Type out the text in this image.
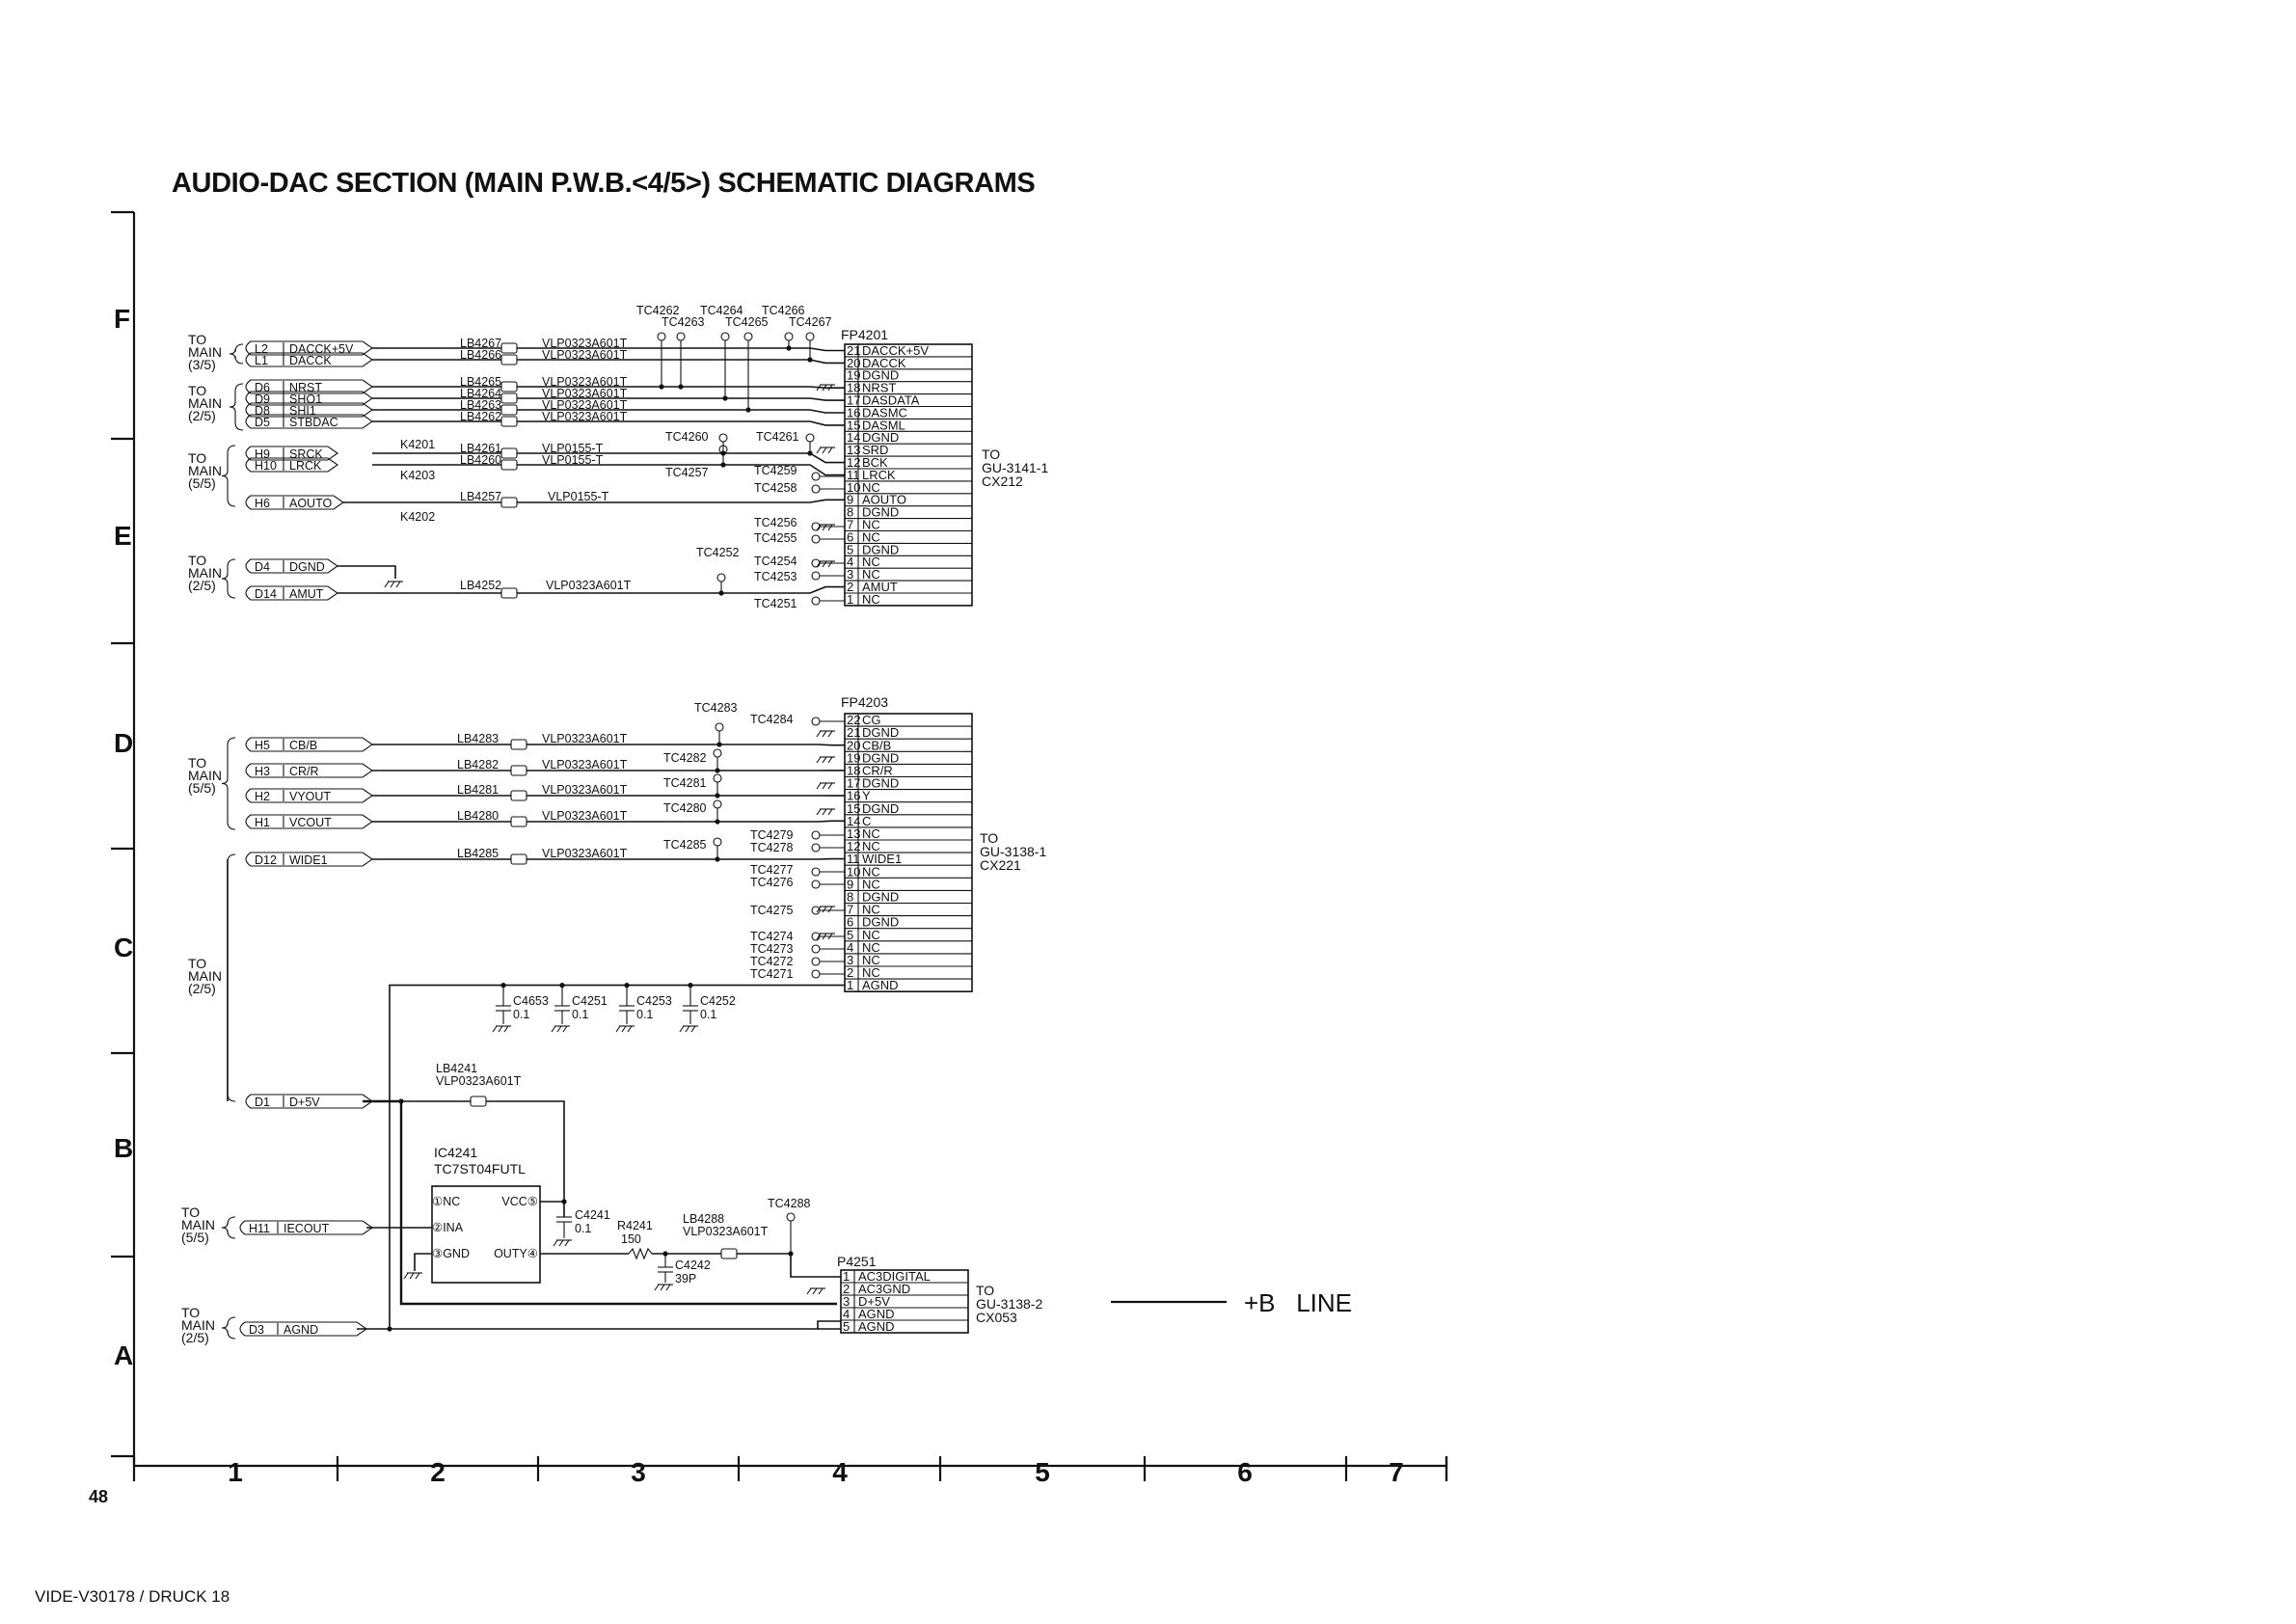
AUDIO-DAC SECTION (MAIN P.W.B.<4/5>) SCHEMATIC DIAGRAMS
48
VIDE-V30178 / DRUCK 18
F
E
D
C
B
A
1	2	3	4	5	6	7
TO
MAIN
(3/5)
L2 DACCK+5V
L1 DACCK
TO
MAIN
(2/5)
D6 NRST
D9 SHO1
D8 SHI1
D5 STBDAC
TO
MAIN
(5/5)
H9 SRCK
H10 LRCK
H6 AOUTO
TO
MAIN
(2/5)
D4 DGND
D14 AMUT
TO
MAIN
(5/5)
H5 CB/B
H3 CR/R
H2 VYOUT
H1 VCOUT
TO
MAIN
(2/5)
D12 WIDE1
D1 D+5V
TO
MAIN
(5/5)
H11 IECOUT
TO
MAIN
(2/5)	D3 AGND
LB4267	VLP0323A601T
LB4266	VLP0323A601T
LB4265	VLP0323A601T
LB4264	VLP0323A601T
LB4263	VLP0323A601T
LB4262	VLP0323A601T
LB4261	VLP0155-T
LB4260	VLP0155-T
K4201
K4203
K4202
LB4257	VLP0155-T
LB4252	VLP0323A601T
TC4262 TC4264 TC4266
TC4263 TC4265 TC4267
TC4260	TC4261
TC4257	TC4259
TC4258
TC4256
TC4255
TC4252
TC4254
TC4253
TC4251
LB4283	VLP0323A601T
LB4282	VLP0323A601T
LB4281	VLP0323A601T
LB4280	VLP0323A601T
LB4285	VLP0323A601T
TC4283
TC4284
TC4282
TC4281
TC4280
TC4285
TC4279
TC4278
TC4277
TC4276
TC4275
TC4274
TC4273
TC4272
TC4271
C4653
0.1
C4251
0.1
C4253
0.1
C4252
0.1
FP4201
21 DACCK+5V
20 DACCK
19 DGND
18 NRST
17 DASDATA
16 DASMC
15 DASML
14 DGND
13 SRD
12 BCK
11 LRCK
10 NC
9 AOUTO
8 DGND
7 NC
6 NC
5 DGND
4 NC
3 NC
2 AMUT
1 NC
TO
GU-3141-1
CX212
FP4203
22 CG
21 DGND
20 CB/B
19 DGND
18 CR/R
17 DGND
16 Y
15 DGND
14 C
13 NC
12 NC
11 WIDE1
10 NC
9 NC
8 DGND
7 NC
6 DGND
5 NC
4 NC
3 NC
2 NC
1 AGND
TO
GU-3138-1
CX221
P4251
1 AC3DIGITAL
2 AC3GND
3 D+5V
4 AGND
5 AGND
TO
GU-3138-2
CX053
LB4241
VLP0323A601T
IC4241
TC7ST04FUTL
①NC
②INA
③GND
VCC⑤
OUTY④
C4241
0.1 R4241
150
LB4288
VLP0323A601T
C4242
39P
TC4288
+B   LINE
